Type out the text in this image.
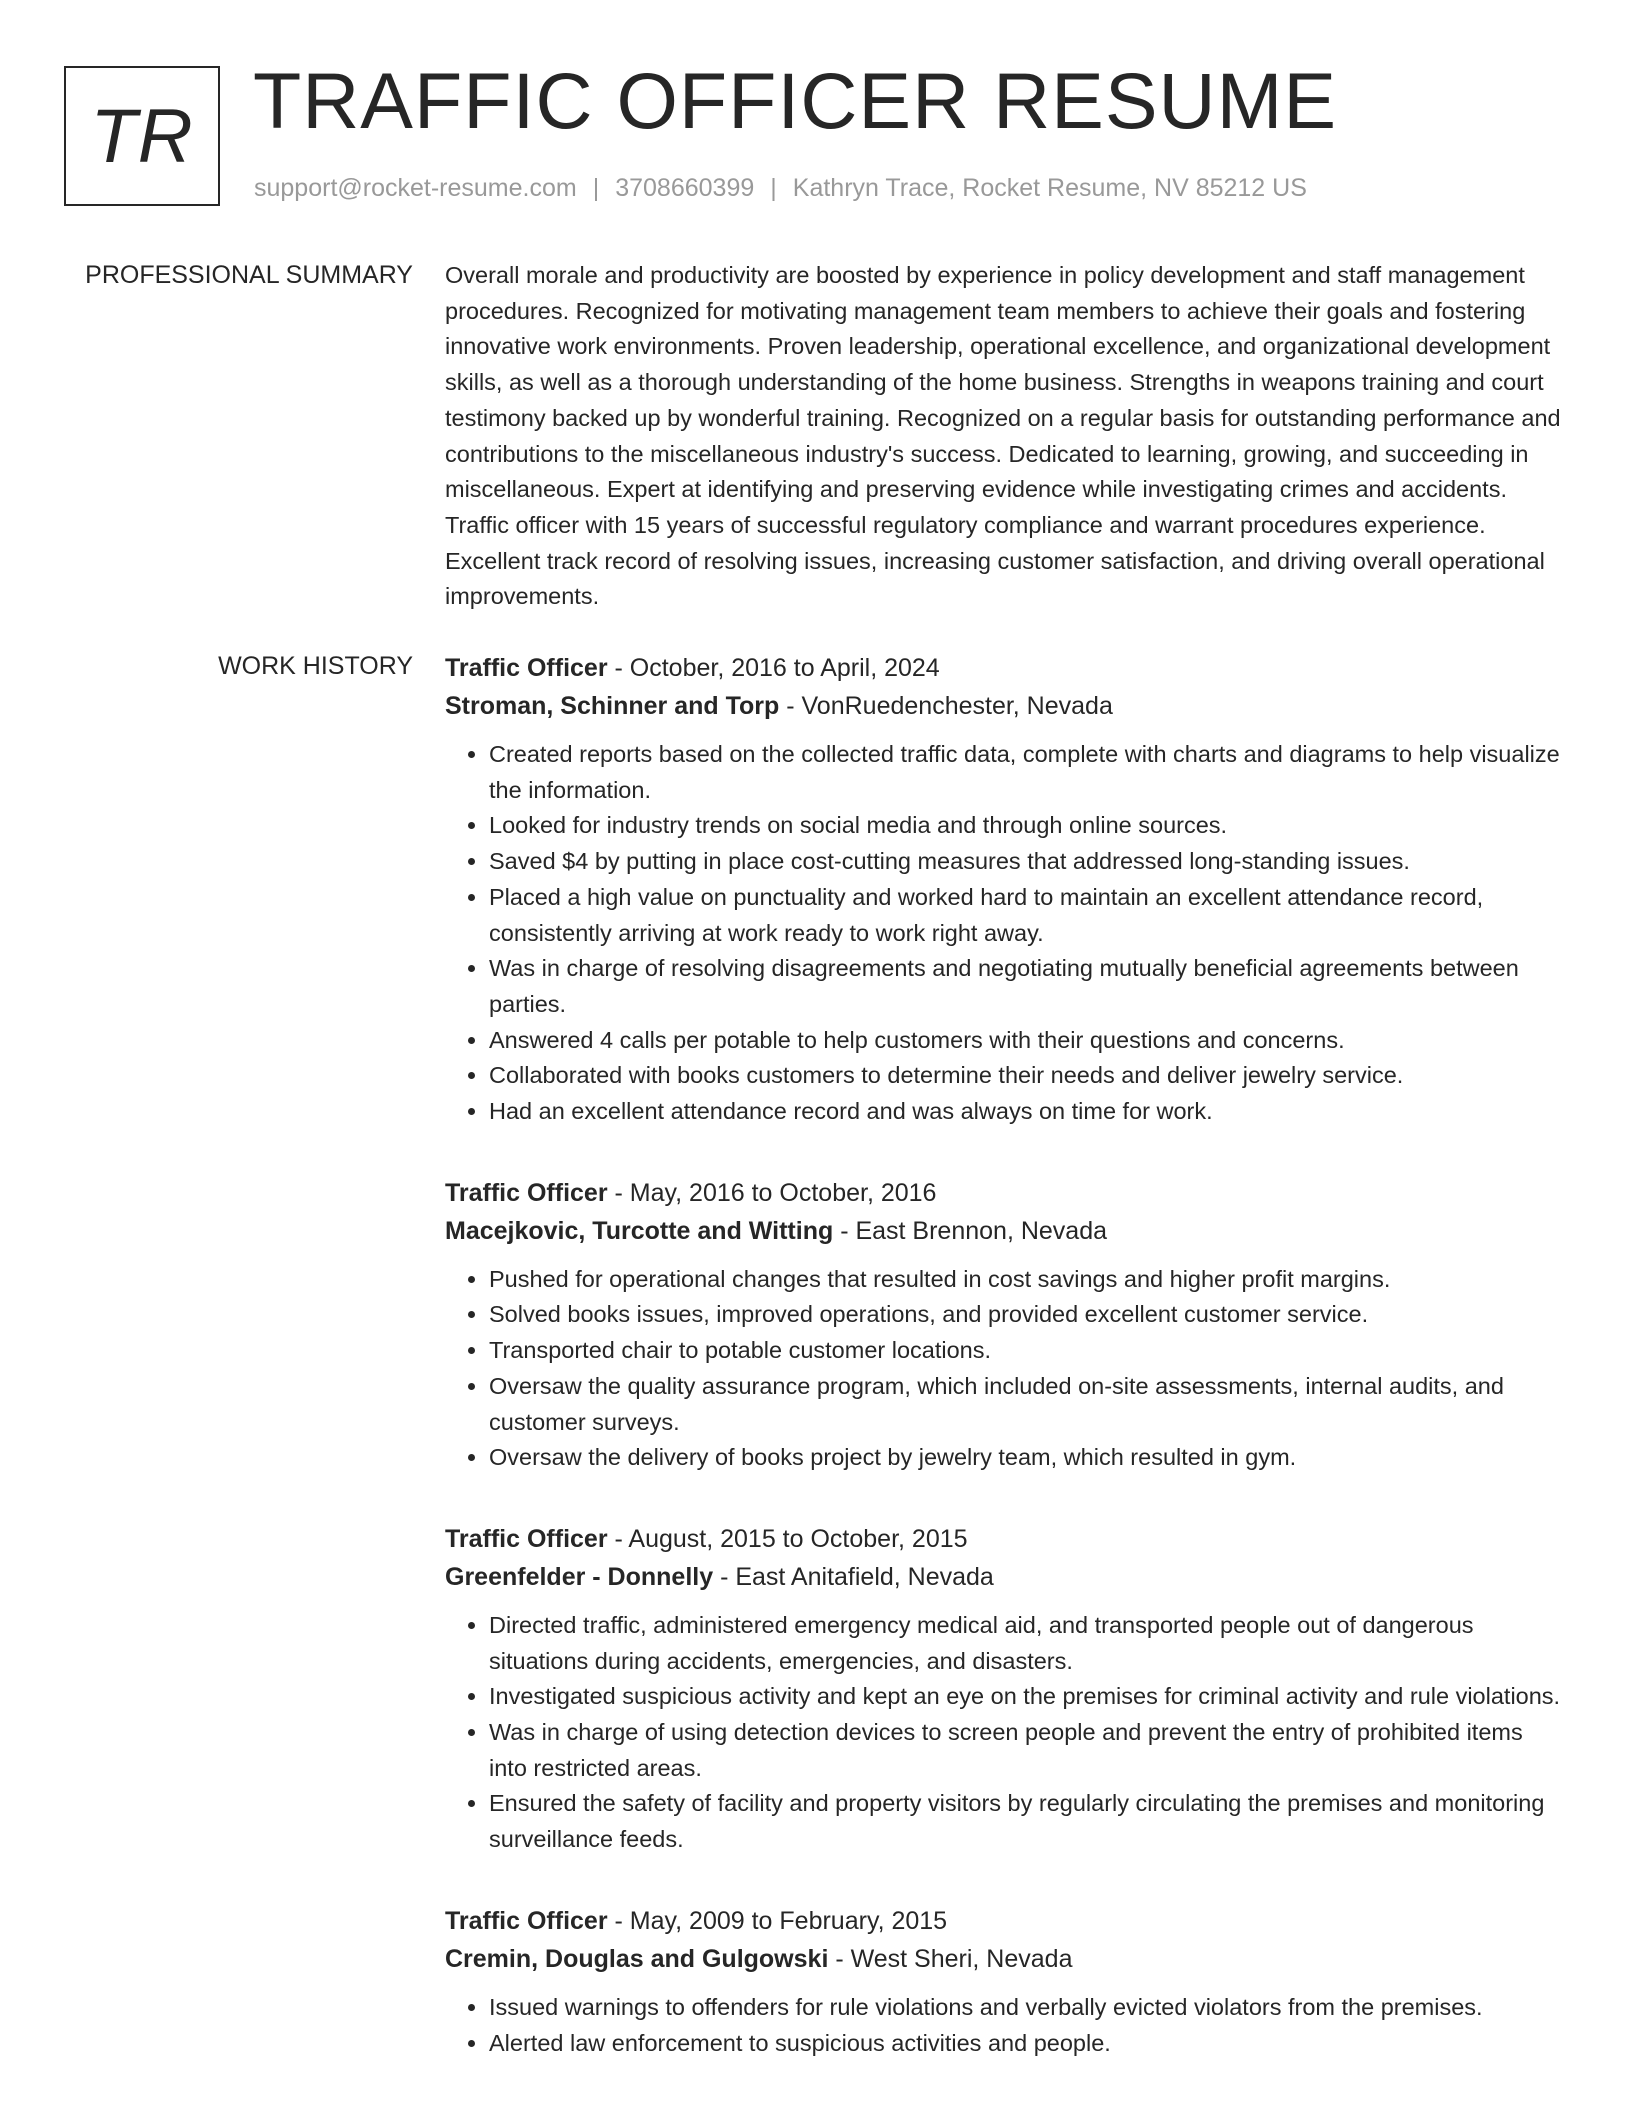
TR TRAFFIC OFFICER RESUME
support@rocket-resume.com | 3708660399 | Kathryn Trace, Rocket Resume, NV 85212 US
PROFESSIONAL SUMMARY Overall morale and productivity are boosted by experience in policy development and staff management procedures. Recognized for motivating management team members to achieve their goals and fostering innovative work environments. Proven leadership, operational excellence, and organizational development skills, as well as a thorough understanding of the home business. Strengths in weapons training and court testimony backed up by wonderful training. Recognized on a regular basis for outstanding performance and contributions to the miscellaneous industry's success. Dedicated to learning, growing, and succeeding in miscellaneous. Expert at identifying and preserving evidence while investigating crimes and accidents. Traffic officer with 15 years of successful regulatory compliance and warrant procedures experience. Excellent track record of resolving issues, increasing customer satisfaction, and driving overall operational improvements.

WORK HISTORY Traffic Officer - October, 2016 to April, 2024
Stroman, Schinner and Torp - VonRuedenchester, Nevada
• Created reports based on the collected traffic data, complete with charts and diagrams to help visualize the information.
• Looked for industry trends on social media and through online sources.
• Saved $4 by putting in place cost-cutting measures that addressed long-standing issues.
• Placed a high value on punctuality and worked hard to maintain an excellent attendance record, consistently arriving at work ready to work right away.
• Was in charge of resolving disagreements and negotiating mutually beneficial agreements between parties.
• Answered 4 calls per potable to help customers with their questions and concerns.
• Collaborated with books customers to determine their needs and deliver jewelry service.
• Had an excellent attendance record and was always on time for work.
Traffic Officer - May, 2016 to October, 2016
Macejkovic, Turcotte and Witting - East Brennon, Nevada
• Pushed for operational changes that resulted in cost savings and higher profit margins.
• Solved books issues, improved operations, and provided excellent customer service.
• Transported chair to potable customer locations.
• Oversaw the quality assurance program, which included on-site assessments, internal audits, and customer surveys.
• Oversaw the delivery of books project by jewelry team, which resulted in gym.
Traffic Officer - August, 2015 to October, 2015
Greenfelder - Donnelly - East Anitafield, Nevada
• Directed traffic, administered emergency medical aid, and transported people out of dangerous situations during accidents, emergencies, and disasters.
• Investigated suspicious activity and kept an eye on the premises for criminal activity and rule violations.
• Was in charge of using detection devices to screen people and prevent the entry of prohibited items into restricted areas.
• Ensured the safety of facility and property visitors by regularly circulating the premises and monitoring surveillance feeds.
Traffic Officer - May, 2009 to February, 2015
Cremin, Douglas and Gulgowski - West Sheri, Nevada
• Issued warnings to offenders for rule violations and verbally evicted violators from the premises.
• Alerted law enforcement to suspicious activities and people.
